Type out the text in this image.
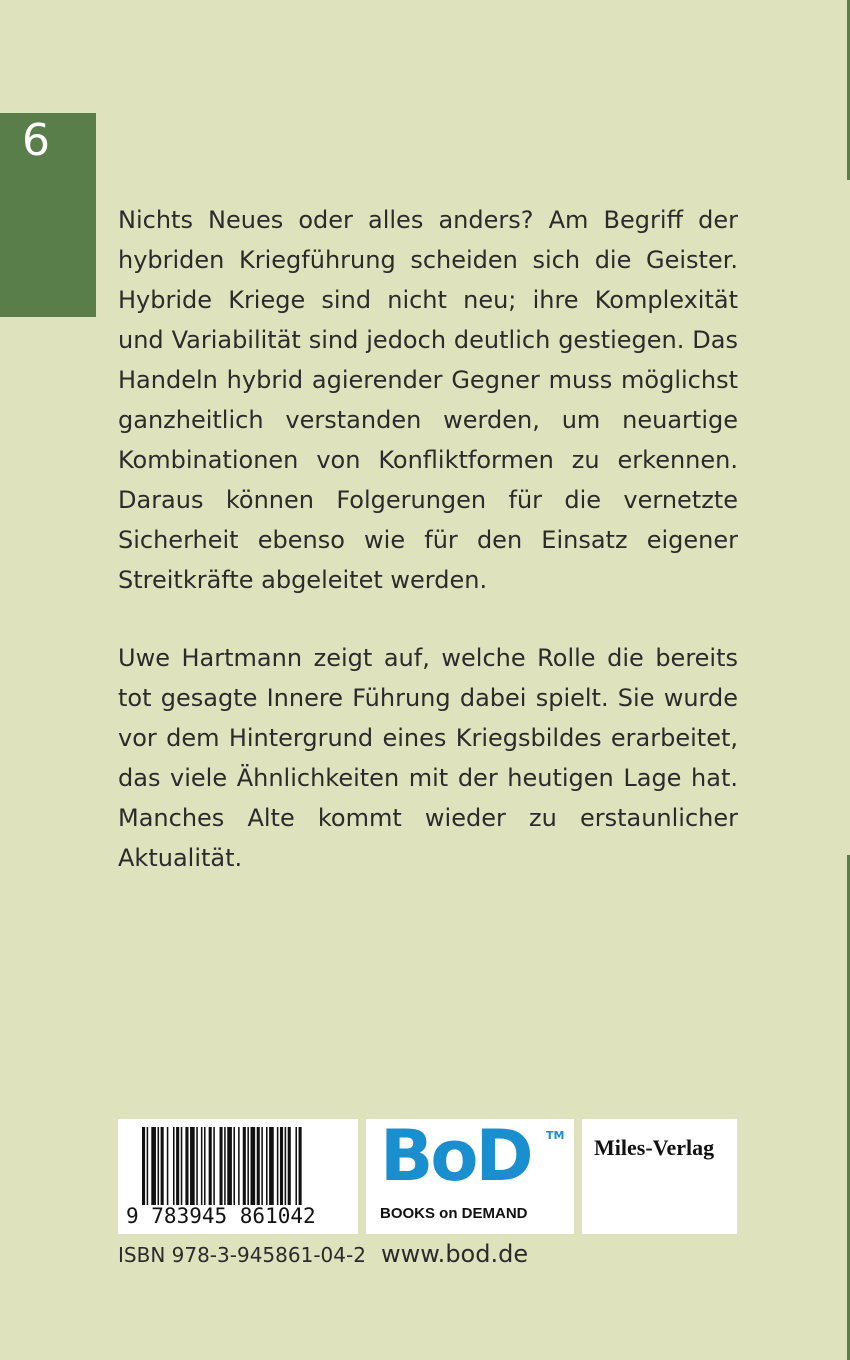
6

Nichts Neues oder alles anders? Am Begriff der hybriden Kriegführung scheiden sich die Geister. Hybride Kriege sind nicht neu; ihre Komplexität und Variabilität sind jedoch deutlich gestiegen. Das Handeln hybrid agierender Gegner muss möglichst ganzheitlich verstanden werden, um neuartige Kombinationen von Konfliktformen zu erkennen. Daraus können Folgerungen für die vernetzte Sicherheit ebenso wie für den Einsatz eigener Streitkräfte abgeleitet werden.

Uwe Hartmann zeigt auf, welche Rolle die bereits tot gesagte Innere Führung dabei spielt. Sie wurde vor dem Hintergrund eines Kriegsbildes erarbeitet, das viele Ähnlichkeiten mit der heutigen Lage hat. Manches Alte kommt wieder zu erstaunlicher Aktualität.

9 783945 861042
BoD TM
BOOKS on DEMAND
Miles-Verlag
ISBN 978-3-945861-04-2 www.bod.de
